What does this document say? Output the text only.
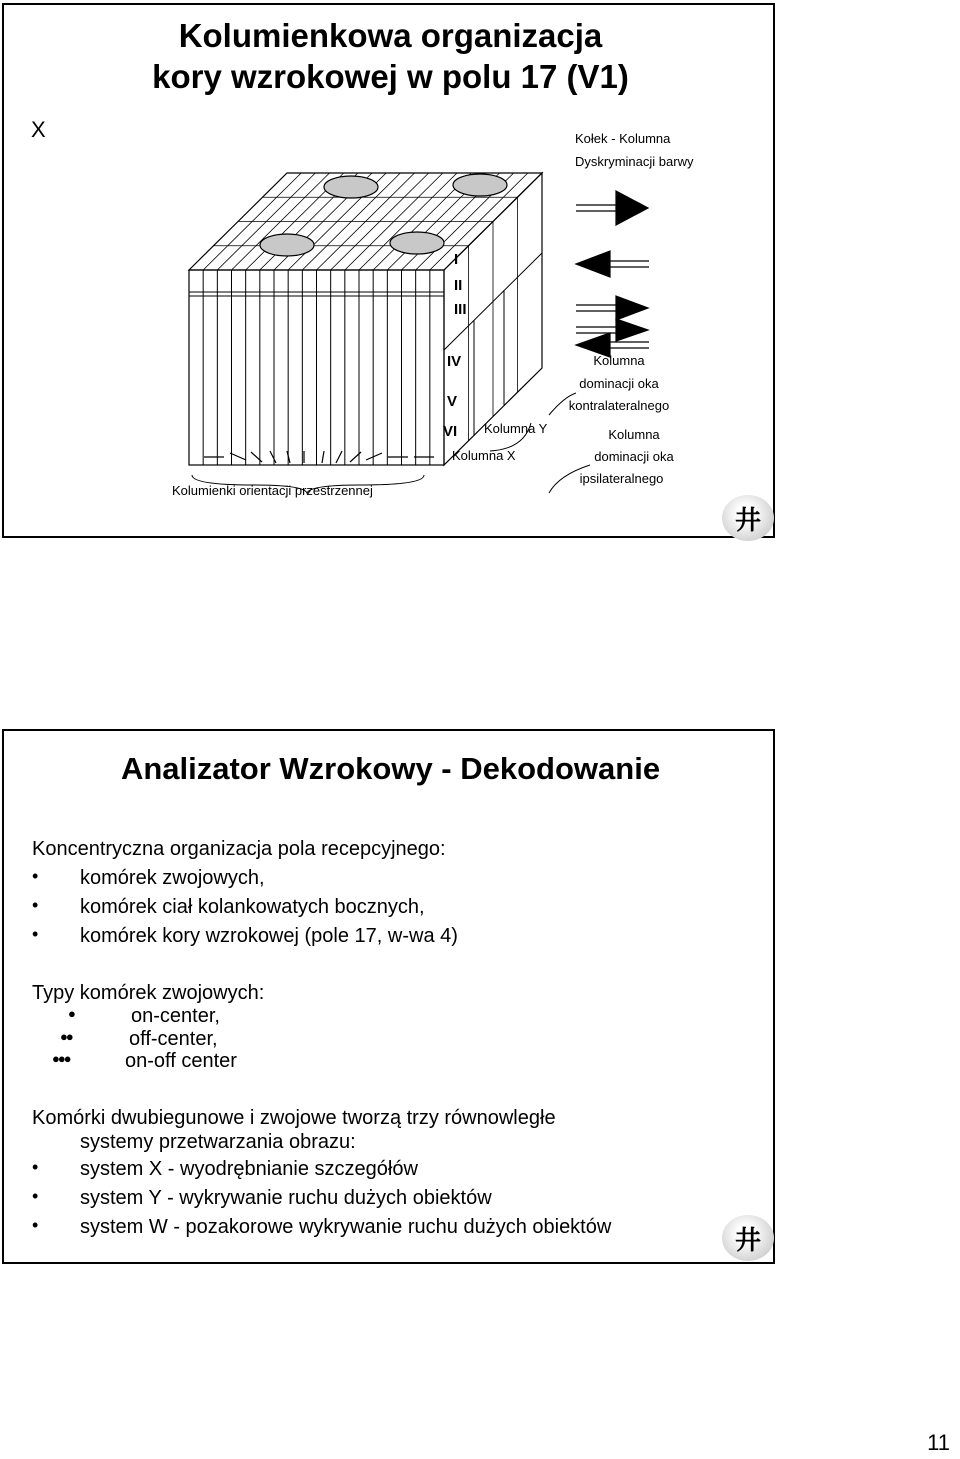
Kolumienkowa organizacja
kory wzrokowej w polu 17 (V1)
X
I
II
III
IV
V
VI
Kołek - Kolumna
Dyskryminacji barwy
Kolumna
dominacji oka
kontralateralnego
Kolumna
dominacji oka
ipsilateralnego
Kolumna Y
Kolumna X
Kolumienki orientacji przestrzennej
井
Analizator Wzrokowy - Dekodowanie
Koncentryczna organizacja pola recepcyjnego:
• komórek zwojowych,
• komórek ciał kolankowatych bocznych,
• komórek kory wzrokowej (pole 17, w-wa 4)
Typy komórek zwojowych:
●	on-center,
●●	off-center,
●●●	on-off center
Komórki dwubiegunowe i zwojowe tworzą trzy równowległe
systemy przetwarzania obrazu:
• system X - wyodrębnianie szczegółów
• system Y - wykrywanie ruchu dużych obiektów
• system W - pozakorowe wykrywanie ruchu dużych obiektów	井
11
